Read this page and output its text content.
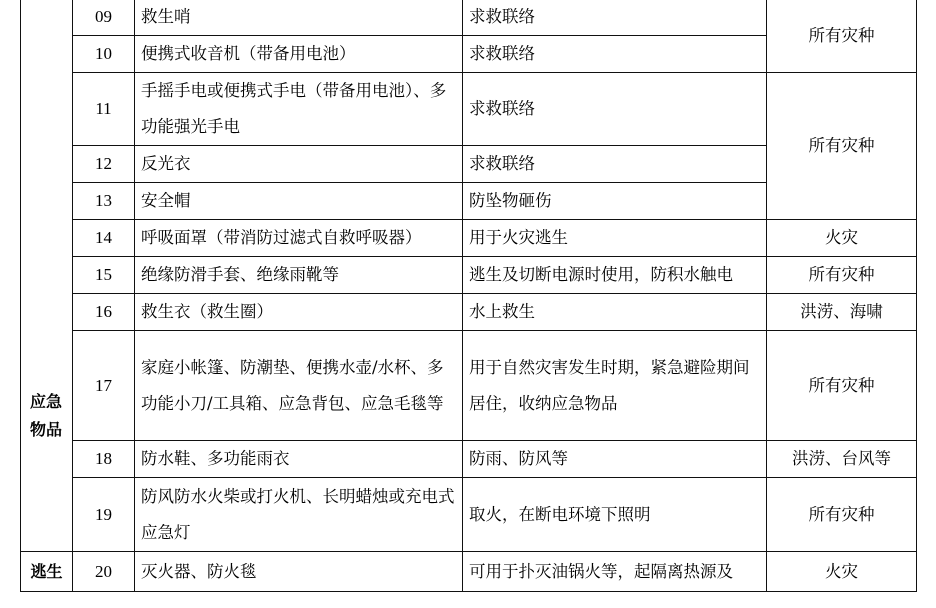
	09	救生哨	求救联络	所有灾种
	10	便携式收音机（带备用电池）	求救联络	
	11	手摇手电或便携式手电（带备用电池）、多功能强光手电	求救联络	所有灾种
	12	反光衣	求救联络	
	13	安全帽	防坠物砸伤	
	14	呼吸面罩（带消防过滤式自救呼吸器）	用于火灾逃生	火灾
	15	绝缘防滑手套、绝缘雨靴等	逃生及切断电源时使用，防积水触电	所有灾种
	16	救生衣（救生圈）	水上救生	洪涝、海啸
	17	家庭小帐篷、防潮垫、便携水壶/水杯、多功能小刀/工具箱、应急背包、应急毛毯等	用于自然灾害发生时期，紧急避险期间居住，收纳应急物品	所有灾种
	18	防水鞋、多功能雨衣	防雨、防风等	洪涝、台风等
	19	防风防水火柴或打火机、长明蜡烛或充电式应急灯	取火，在断电环境下照明	所有灾种
逃生	20	灭火器、防火毯	可用于扑灭油锅火等，起隔离热源及	火灾
应急物品
